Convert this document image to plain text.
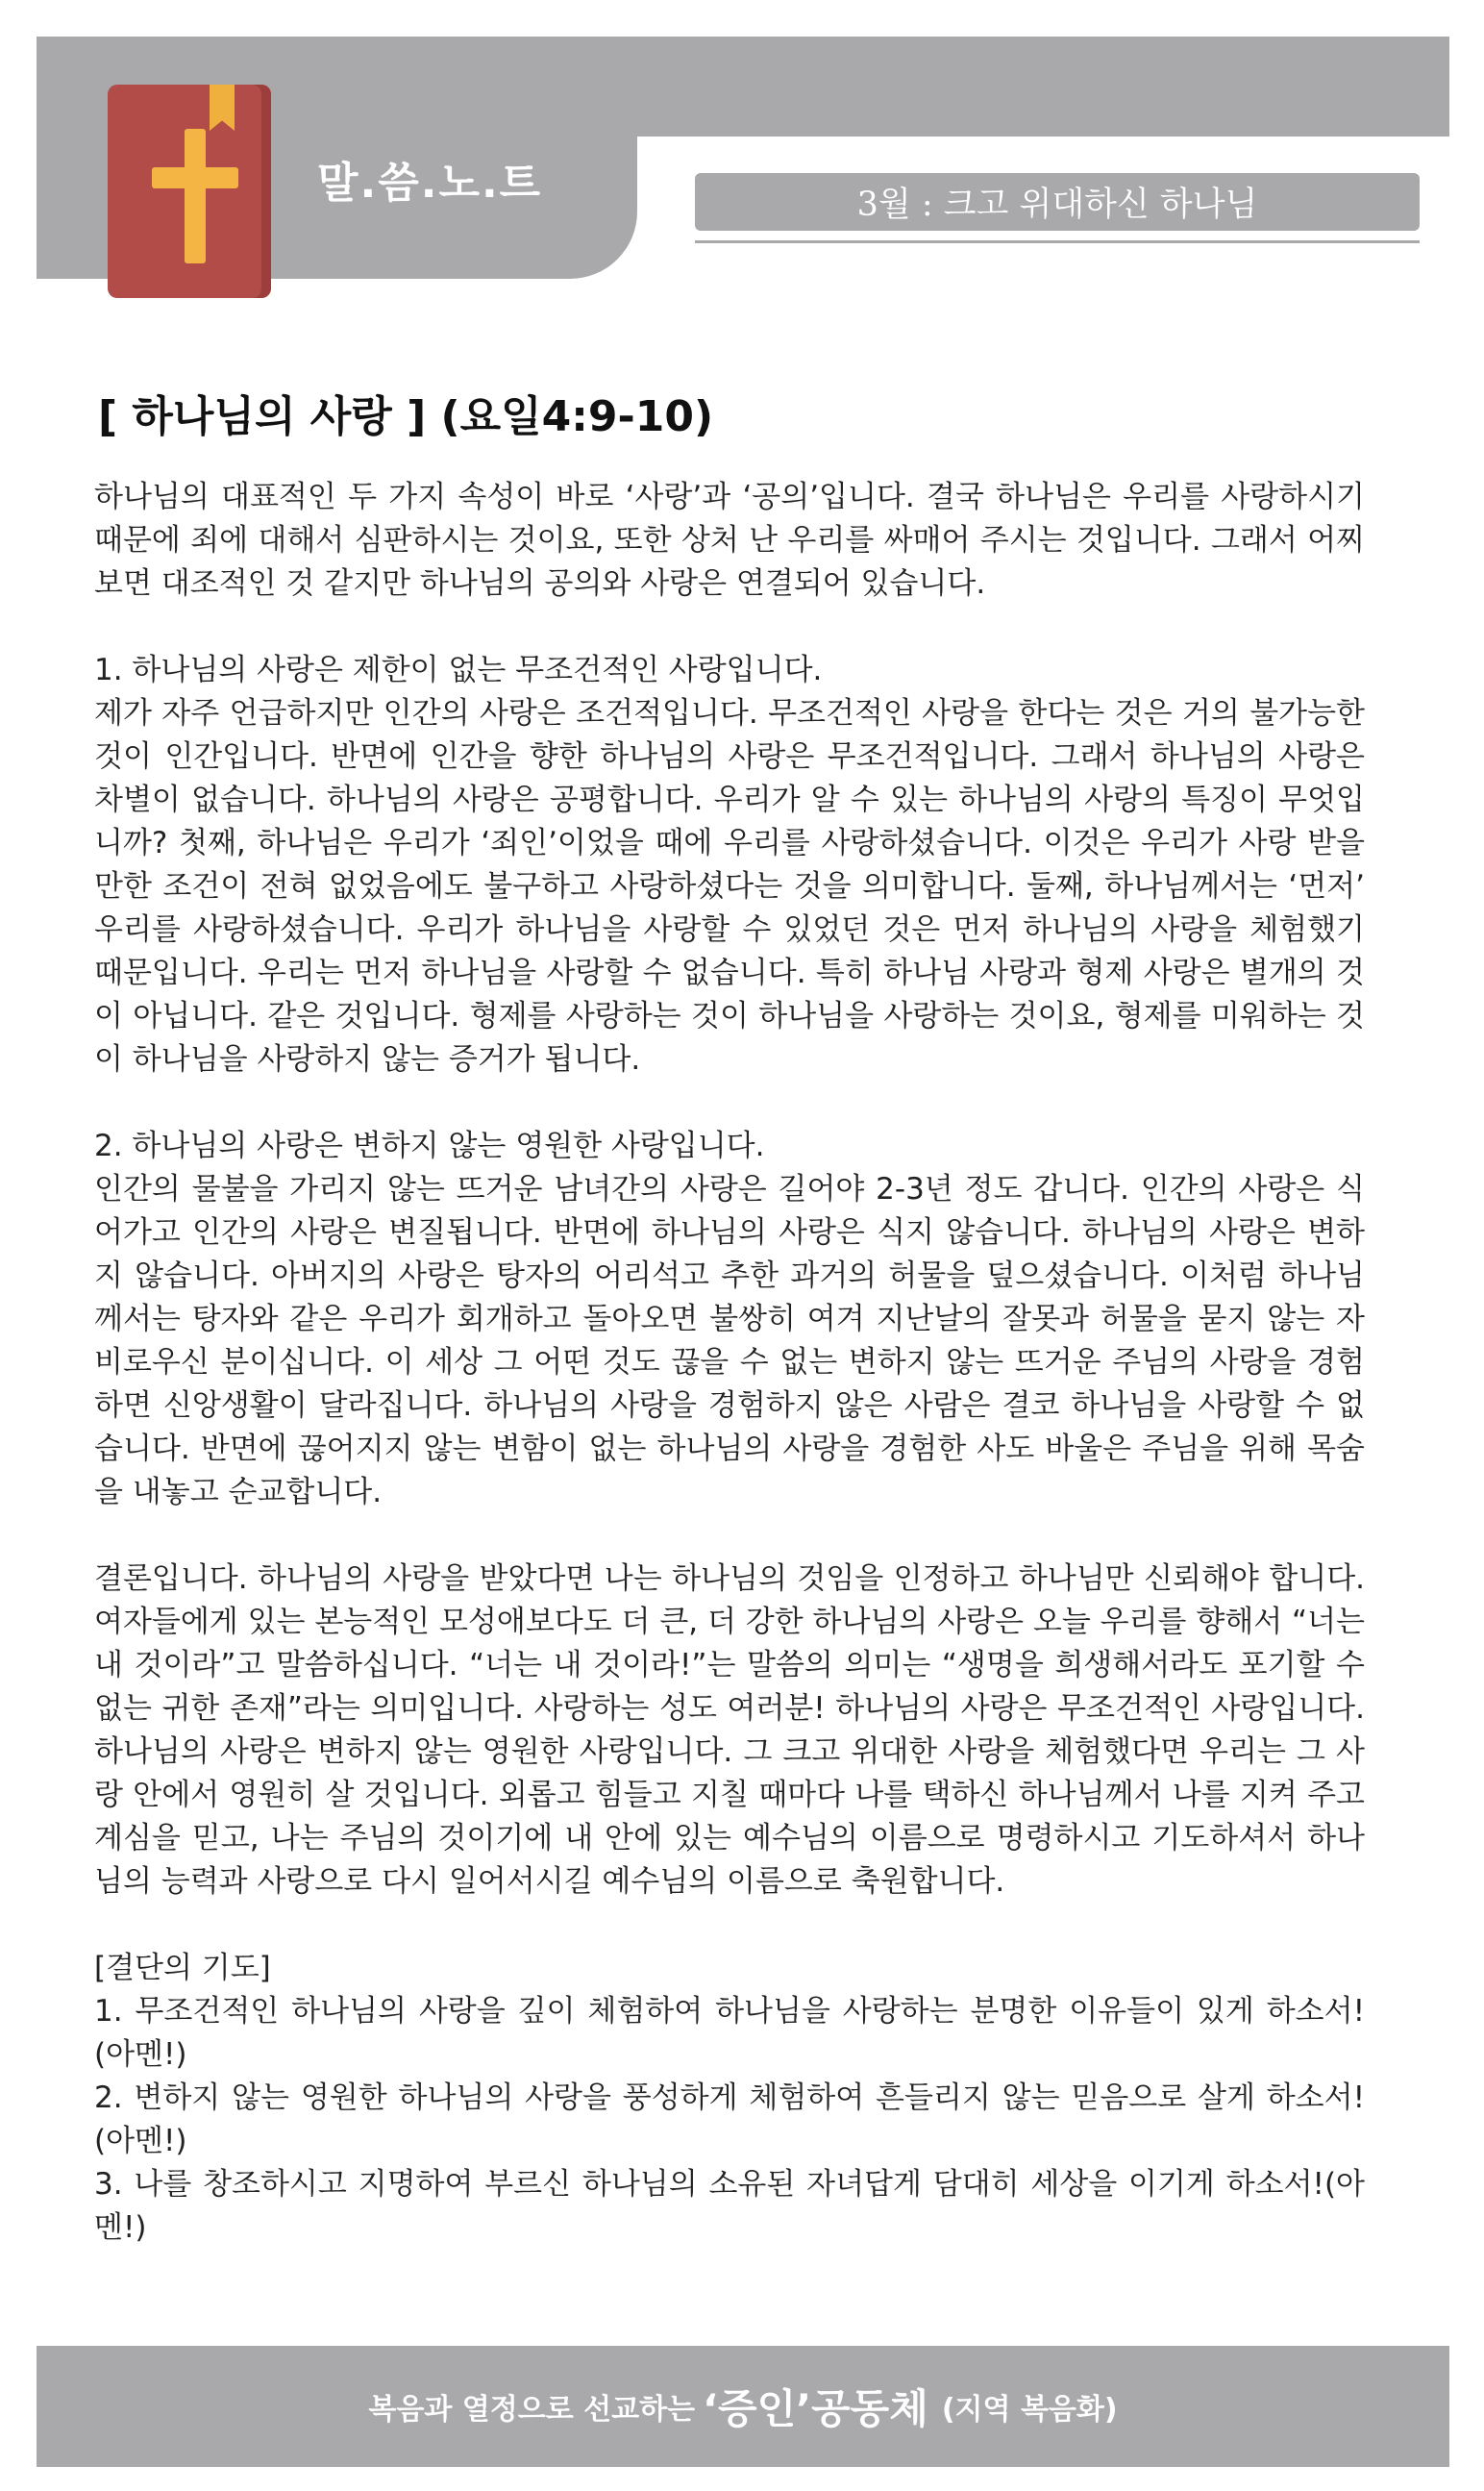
말.씀.노.트	3월 : 크고 위대하신 하나님
[ 하나님의 사랑 ] (요일4:9-10)

하나님의 대표적인 두 가지 속성이 바로 ‘사랑’과 ‘공의’입니다. 결국 하나님은 우리를 사랑하시기 때문에 죄에 대해서 심판하시는 것이요, 또한 상처 난 우리를 싸매어 주시는 것입니다. 그래서 어찌 보면 대조적인 것 같지만 하나님의 공의와 사랑은 연결되어 있습니다.

1. 하나님의 사랑은 제한이 없는 무조건적인 사랑입니다.

제가 자주 언급하지만 인간의 사랑은 조건적입니다. 무조건적인 사랑을 한다는 것은 거의 불가능한 것이 인간입니다. 반면에 인간을 향한 하나님의 사랑은 무조건적입니다. 그래서 하나님의 사랑은 차별이 없습니다. 하나님의 사랑은 공평합니다. 우리가 알 수 있는 하나님의 사랑의 특징이 무엇입니까? 첫째, 하나님은 우리가 ‘죄인’이었을 때에 우리를 사랑하셨습니다. 이것은 우리가 사랑 받을 만한 조건이 전혀 없었음에도 불구하고 사랑하셨다는 것을 의미합니다. 둘째, 하나님께서는 ‘먼저’ 우리를 사랑하셨습니다. 우리가 하나님을 사랑할 수 있었던 것은 먼저 하나님의 사랑을 체험했기 때문입니다. 우리는 먼저 하나님을 사랑할 수 없습니다. 특히 하나님 사랑과 형제 사랑은 별개의 것이 아닙니다. 같은 것입니다. 형제를 사랑하는 것이 하나님을 사랑하는 것이요, 형제를 미워하는 것이 하나님을 사랑하지 않는 증거가 됩니다.

2. 하나님의 사랑은 변하지 않는 영원한 사랑입니다.

인간의 물불을 가리지 않는 뜨거운 남녀간의 사랑은 길어야 2-3년 정도 갑니다. 인간의 사랑은 식어가고 인간의 사랑은 변질됩니다. 반면에 하나님의 사랑은 식지 않습니다. 하나님의 사랑은 변하지 않습니다. 아버지의 사랑은 탕자의 어리석고 추한 과거의 허물을 덮으셨습니다. 이처럼 하나님께서는 탕자와 같은 우리가 회개하고 돌아오면 불쌍히 여겨 지난날의 잘못과 허물을 묻지 않는 자비로우신 분이십니다. 이 세상 그 어떤 것도 끊을 수 없는 변하지 않는 뜨거운 주님의 사랑을 경험하면 신앙생활이 달라집니다. 하나님의 사랑을 경험하지 않은 사람은 결코 하나님을 사랑할 수 없습니다. 반면에 끊어지지 않는 변함이 없는 하나님의 사랑을 경험한 사도 바울은 주님을 위해 목숨을 내놓고 순교합니다.

결론입니다. 하나님의 사랑을 받았다면 나는 하나님의 것임을 인정하고 하나님만 신뢰해야 합니다. 여자들에게 있는 본능적인 모성애보다도 더 큰, 더 강한 하나님의 사랑은 오늘 우리를 향해서 “너는 내 것이라”고 말씀하십니다. “너는 내 것이라!”는 말씀의 의미는 “생명을 희생해서라도 포기할 수 없는 귀한 존재”라는 의미입니다. 사랑하는 성도 여러분! 하나님의 사랑은 무조건적인 사랑입니다. 하나님의 사랑은 변하지 않는 영원한 사랑입니다. 그 크고 위대한 사랑을 체험했다면 우리는 그 사랑 안에서 영원히 살 것입니다. 외롭고 힘들고 지칠 때마다 나를 택하신 하나님께서 나를 지켜 주고 계심을 믿고, 나는 주님의 것이기에 내 안에 있는 예수님의 이름으로 명령하시고 기도하셔서 하나님의 능력과 사랑으로 다시 일어서시길 예수님의 이름으로 축원합니다.

[결단의 기도]

1. 무조건적인 하나님의 사랑을 깊이 체험하여 하나님을 사랑하는 분명한 이유들이 있게 하소서!(아멘!)

2. 변하지 않는 영원한 하나님의 사랑을 풍성하게 체험하여 흔들리지 않는 믿음으로 살게 하소서!(아멘!)

3. 나를 창조하시고 지명하여 부르신 하나님의 소유된 자녀답게 담대히 세상을 이기게 하소서!(아멘!)

복음과 열정으로 선교하는 ‘증인’공동체 (지역 복음화)
